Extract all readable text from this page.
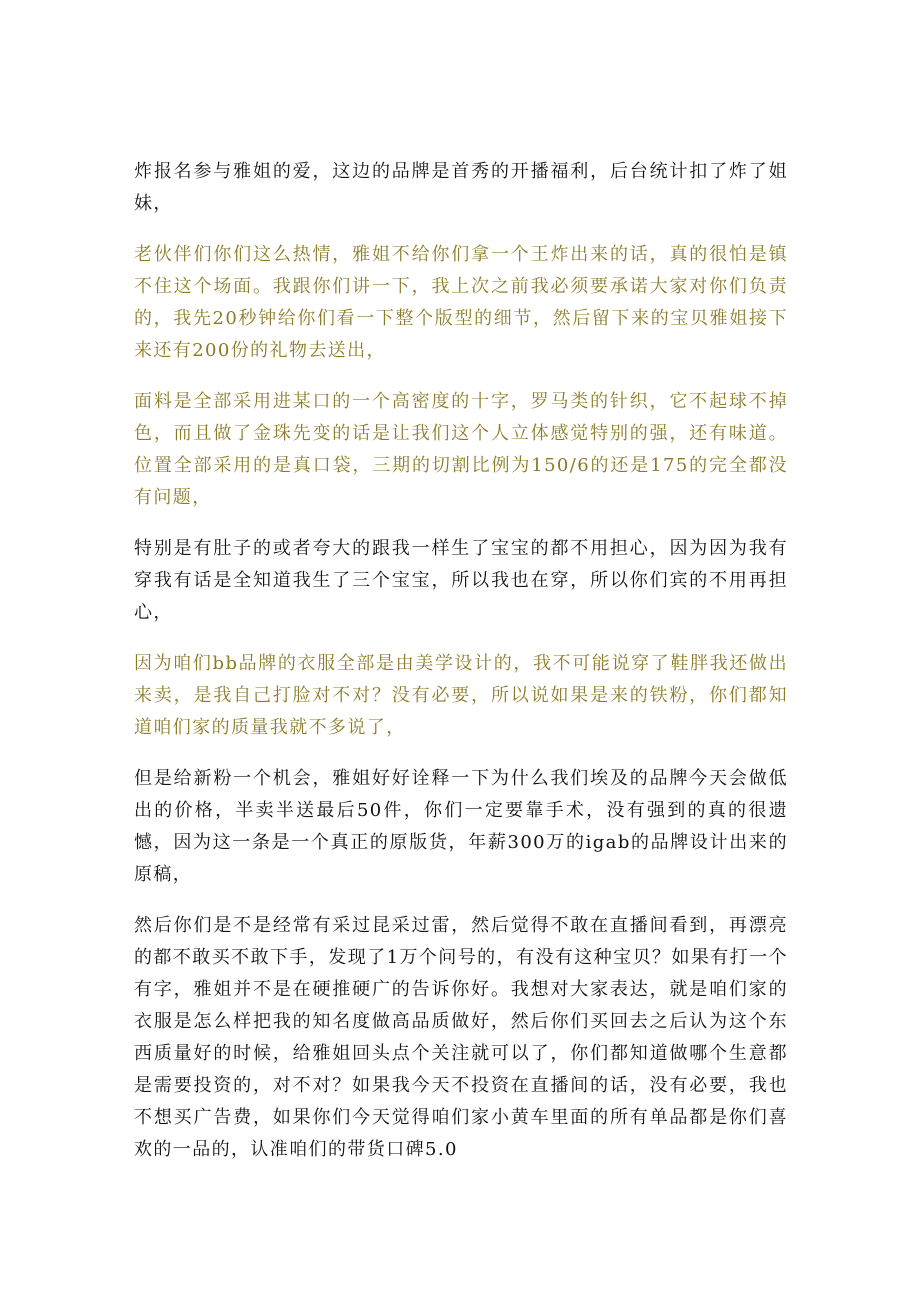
炸报名参与雅姐的爱，这边的品牌是首秀的开播福利，后台统计扣了炸了姐妹，

老伙伴们你们这么热情，雅姐不给你们拿一个王炸出来的话，真的很怕是镇不住这个场面。我跟你们讲一下，我上次之前我必须要承诺大家对你们负责的，我先20秒钟给你们看一下整个版型的细节，然后留下来的宝贝雅姐接下来还有200份的礼物去送出，

面料是全部采用进某口的一个高密度的十字，罗马类的针织，它不起球不掉色，而且做了金珠先变的话是让我们这个人立体感觉特别的强，还有味道。位置全部采用的是真口袋，三期的切割比例为150/6的还是175的完全都没有问题，

特别是有肚子的或者夸大的跟我一样生了宝宝的都不用担心，因为因为我有穿我有话是全知道我生了三个宝宝，所以我也在穿，所以你们宾的不用再担心，

因为咱们bb品牌的衣服全部是由美学设计的，我不可能说穿了鞋胖我还做出来卖，是我自己打脸对不对？没有必要，所以说如果是来的铁粉，你们都知道咱们家的质量我就不多说了，

但是给新粉一个机会，雅姐好好诠释一下为什么我们埃及的品牌今天会做低出的价格，半卖半送最后50件，你们一定要靠手术，没有强到的真的很遗憾，因为这一条是一个真正的原版货，年薪300万的igab的品牌设计出来的原稿，

然后你们是不是经常有采过昆采过雷，然后觉得不敢在直播间看到，再漂亮的都不敢买不敢下手，发现了1万个问号的，有没有这种宝贝？如果有打一个有字，雅姐并不是在硬推硬广的告诉你好。我想对大家表达，就是咱们家的衣服是怎么样把我的知名度做高品质做好，然后你们买回去之后认为这个东西质量好的时候，给雅姐回头点个关注就可以了，你们都知道做哪个生意都是需要投资的，对不对？如果我今天不投资在直播间的话，没有必要，我也不想买广告费，如果你们今天觉得咱们家小黄车里面的所有单品都是你们喜欢的一品的，认准咱们的带货口碑5.0
